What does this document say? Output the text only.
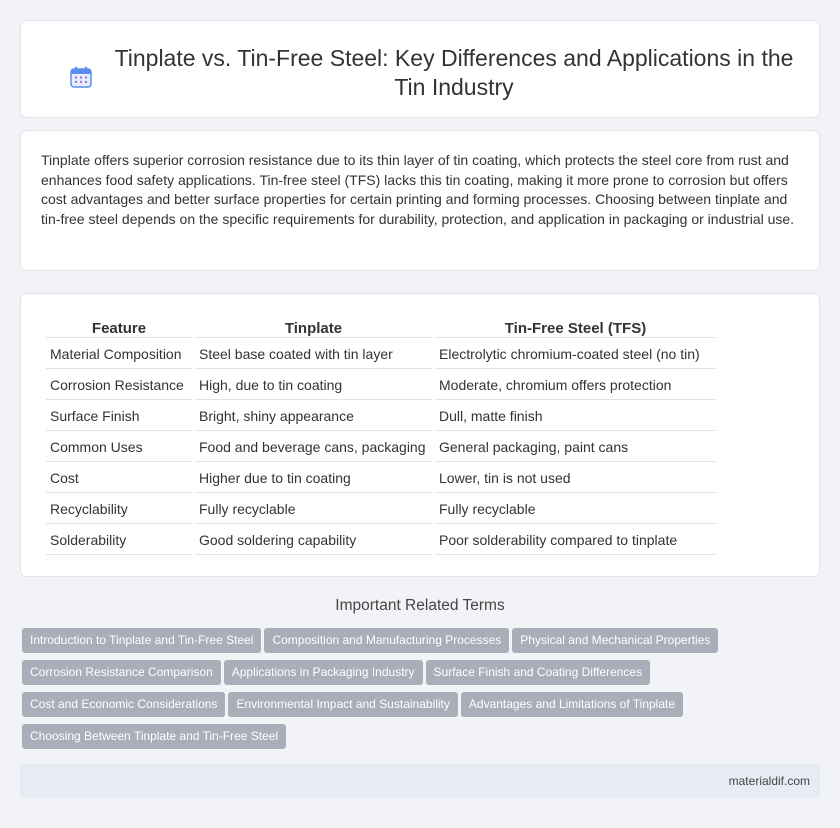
Tinplate vs. Tin-Free Steel: Key Differences and Applications in the Tin Industry

Tinplate offers superior corrosion resistance due to its thin layer of tin coating, which protects the steel core from rust and enhances food safety applications. Tin-free steel (TFS) lacks this tin coating, making it more prone to corrosion but offers cost advantages and better surface properties for certain printing and forming processes. Choosing between tinplate and tin-free steel depends on the specific requirements for durability, protection, and application in packaging or industrial use.

Feature	Tinplate	Tin-Free Steel (TFS)
Material Composition	Steel base coated with tin layer	Electrolytic chromium-coated steel (no tin)
Corrosion Resistance	High, due to tin coating	Moderate, chromium offers protection
Surface Finish	Bright, shiny appearance	Dull, matte finish
Common Uses	Food and beverage cans, packaging	General packaging, paint cans
Cost	Higher due to tin coating	Lower, tin is not used
Recyclability	Fully recyclable	Fully recyclable
Solderability	Good soldering capability	Poor solderability compared to tinplate
Important Related Terms
Introduction to Tinplate and Tin-Free Steel Composition and Manufacturing Processes Physical and Mechanical Properties
Corrosion Resistance Comparison Applications in Packaging Industry Surface Finish and Coating Differences
Cost and Economic Considerations Environmental Impact and Sustainability Advantages and Limitations of Tinplate
Choosing Between Tinplate and Tin-Free Steel
materialdif.com
